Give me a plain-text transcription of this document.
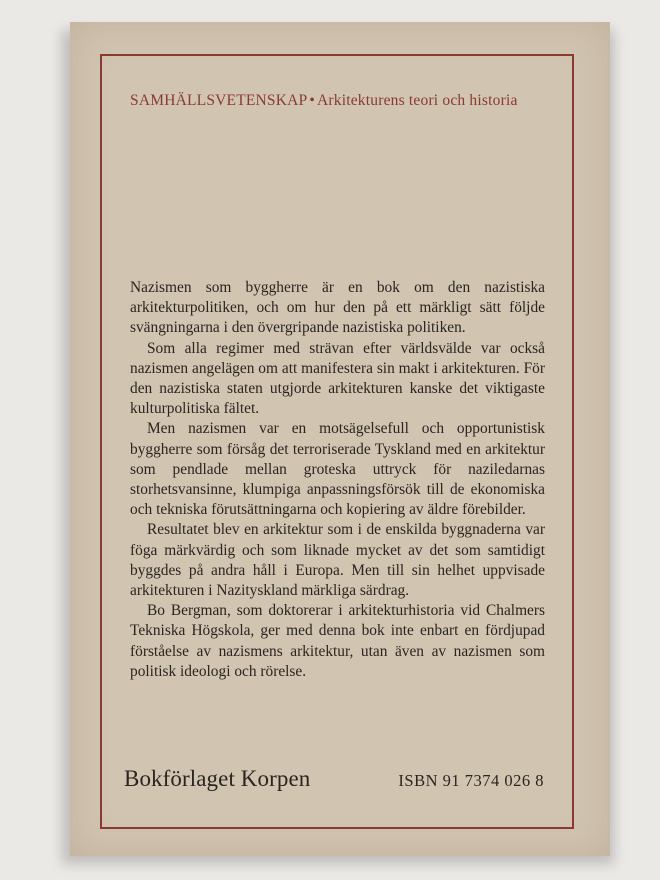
SAMHÄLLSVETENSKAP • Arkitekturens teori och historia

Nazismen som byggherre är en bok om den nazistiska arkitekturpolitiken, och om hur den på ett märkligt sätt följde svängningarna i den övergripande nazistiska politiken.

Som alla regimer med strävan efter världsvälde var också nazismen angelägen om att manifestera sin makt i arkitekturen. För den nazistiska staten utgjorde arkitekturen kanske det viktigaste kulturpolitiska fältet.

Men nazismen var en motsägelsefull och opportunistisk byggherre som försåg det terroriserade Tyskland med en arkitektur som pendlade mellan groteska uttryck för naziledarnas storhetsvansinne, klumpiga anpassningsförsök till de ekonomiska och tekniska förutsättningarna och kopiering av äldre förebilder.

Resultatet blev en arkitektur som i de enskilda byggnaderna var föga märkvärdig och som liknade mycket av det som samtidigt byggdes på andra håll i Europa. Men till sin helhet uppvisade arkitekturen i Nazityskland märkliga särdrag.

Bo Bergman, som doktorerar i arkitekturhistoria vid Chalmers Tekniska Högskola, ger med denna bok inte enbart en fördjupad förståelse av nazismens arkitektur, utan även av nazismen som politisk ideologi och rörelse.

Bokförlaget Korpen	ISBN 91 7374 026 8
